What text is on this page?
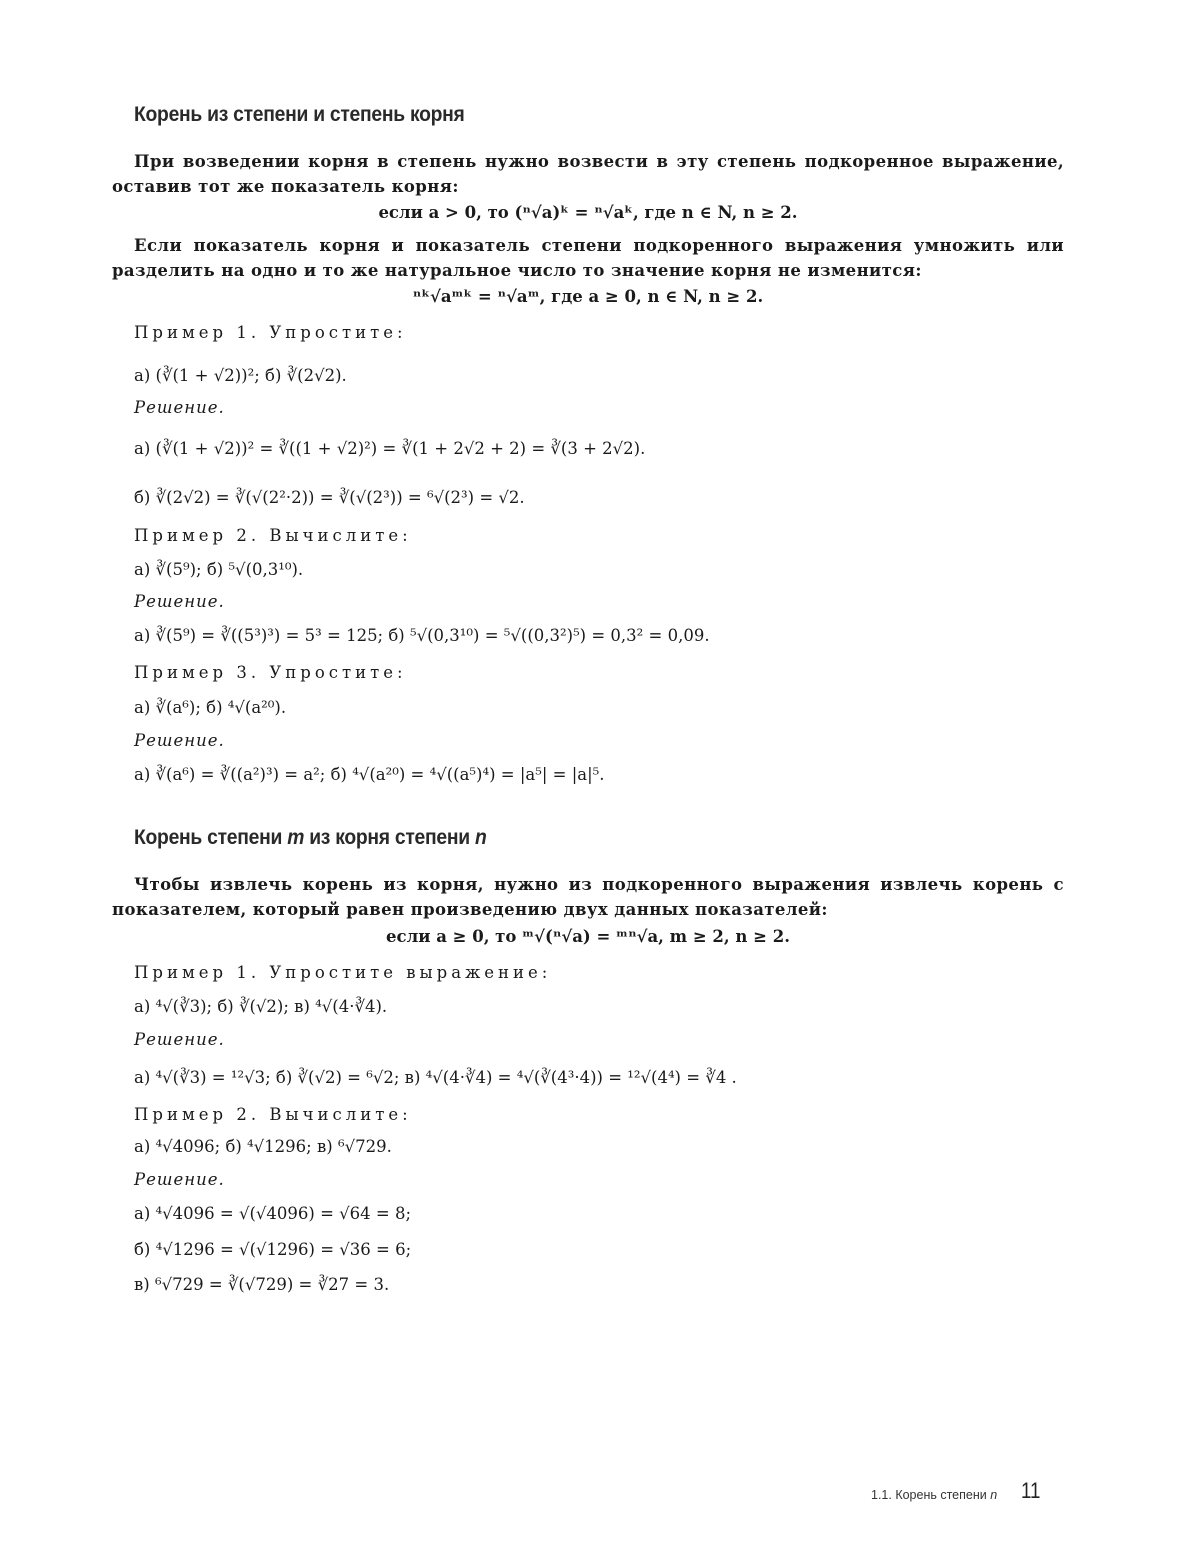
Корень из степени и степень корня
При возведении корня в степень нужно возвести в эту степень подкоренное выражение, оставив тот же показатель корня:
если a > 0, то (ⁿ√a)ᵏ = ⁿ√aᵏ, где n ∈ N, n ≥ 2.
Если показатель корня и показатель степени подкоренного выражения умножить или разделить на одно и то же натуральное число то значение корня не изменится:
ⁿᵏ√aᵐᵏ = ⁿ√aᵐ, где a ≥ 0, n ∈ N, n ≥ 2.
Пример 1. Упростите:
а) (∛(1 + √2))²; б) ∛(2√2).
Решение.
а) (∛(1 + √2))² = ∛((1 + √2)²) = ∛(1 + 2√2 + 2) = ∛(3 + 2√2).
б) ∛(2√2) = ∛(√(2²·2)) = ∛(√(2³)) = ⁶√(2³) = √2.
Пример 2. Вычислите:
а) ∛(5⁹); б) ⁵√(0,3¹⁰).
Решение.
а) ∛(5⁹) = ∛((5³)³) = 5³ = 125; б) ⁵√(0,3¹⁰) = ⁵√((0,3²)⁵) = 0,3² = 0,09.
Пример 3. Упростите:
а) ∛(a⁶); б) ⁴√(a²⁰).
Решение.
а) ∛(a⁶) = ∛((a²)³) = a²; б) ⁴√(a²⁰) = ⁴√((a⁵)⁴) = |a⁵| = |a|⁵.
Корень степени m из корня степени n
Чтобы извлечь корень из корня, нужно из подкоренного выражения извлечь корень с показателем, который равен произведению двух данных показателей:
если a ≥ 0, то ᵐ√(ⁿ√a) = ᵐⁿ√a, m ≥ 2, n ≥ 2.
Пример 1. Упростите выражение:
а) ⁴√(∛3); б) ∛(√2); в) ⁴√(4·∛4).
Решение.
а) ⁴√(∛3) = ¹²√3; б) ∛(√2) = ⁶√2; в) ⁴√(4·∛4) = ⁴√(∛(4³·4)) = ¹²√(4⁴) = ∛4 .
Пример 2. Вычислите:
а) ⁴√4096; б) ⁴√1296; в) ⁶√729.
Решение.
а) ⁴√4096 = √(√4096) = √64 = 8;
б) ⁴√1296 = √(√1296) = √36 = 6;
в) ⁶√729 = ∛(√729) = ∛27 = 3.
1.1. Корень степени n 11
